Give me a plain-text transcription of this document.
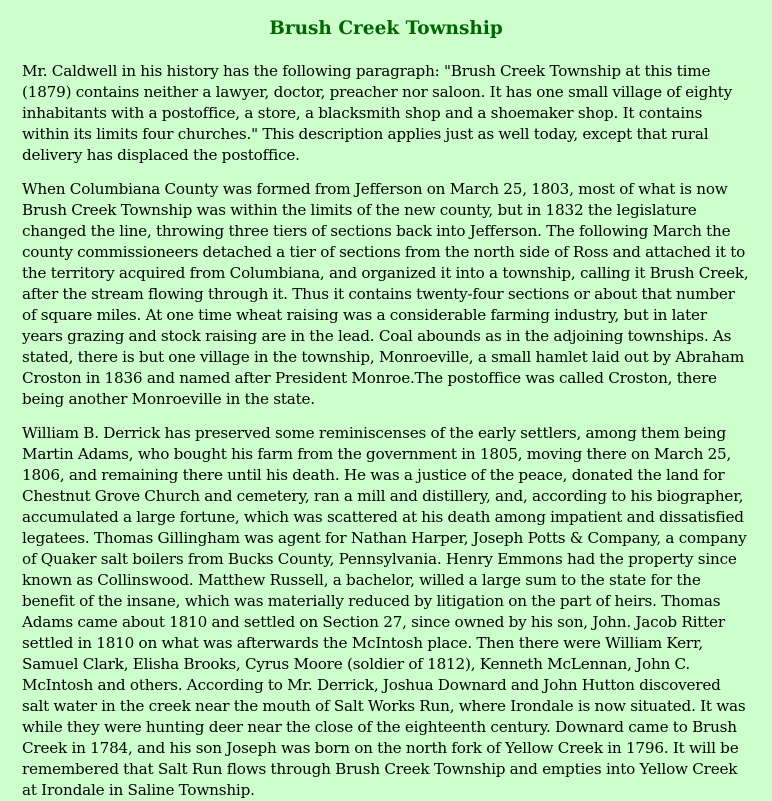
Brush Creek Township

Mr. Caldwell in his history has the following paragraph: "Brush Creek Township at this time (1879) contains neither a lawyer, doctor, preacher nor saloon. It has one small village of eighty inhabitants with a postoffice, a store, a blacksmith shop and a shoemaker shop. It contains within its limits four churches." This description applies just as well today, except that rural delivery has displaced the postoffice.

When Columbiana County was formed from Jefferson on March 25, 1803, most of what is now Brush Creek Township was within the limits of the new county, but in 1832 the legislature changed the line, throwing three tiers of sections back into Jefferson. The following March the county commissioneers detached a tier of sections from the north side of Ross and attached it to the territory acquired from Columbiana, and organized it into a township, calling it Brush Creek, after the stream flowing through it. Thus it contains twenty-four sections or about that number of square miles. At one time wheat raising was a considerable farming industry, but in later years grazing and stock raising are in the lead. Coal abounds as in the adjoining townships. As stated, there is but one village in the township, Monroeville, a small hamlet laid out by Abraham Croston in 1836 and named after President Monroe.The postoffice was called Croston, there being another Monroeville in the state.

William B. Derrick has preserved some reminiscenses of the early settlers, among them being Martin Adams, who bought his farm from the government in 1805, moving there on March 25, 1806, and remaining there until his death. He was a justice of the peace, donated the land for Chestnut Grove Church and cemetery, ran a mill and distillery, and, according to his biographer, accumulated a large fortune, which was scattered at his death among impatient and dissatisfied legatees. Thomas Gillingham was agent for Nathan Harper, Joseph Potts & Company, a company of Quaker salt boilers from Bucks County, Pennsylvania. Henry Emmons had the property since known as Collinswood. Matthew Russell, a bachelor, willed a large sum to the state for the benefit of the insane, which was materially reduced by litigation on the part of heirs. Thomas Adams came about 1810 and settled on Section 27, since owned by his son, John. Jacob Ritter settled in 1810 on what was afterwards the McIntosh place. Then there were William Kerr, Samuel Clark, Elisha Brooks, Cyrus Moore (soldier of 1812), Kenneth McLennan, John C. McIntosh and others. According to Mr. Derrick, Joshua Downard and John Hutton discovered salt water in the creek near the mouth of Salt Works Run, where Irondale is now situated. It was while they were hunting deer near the close of the eighteenth century. Downard came to Brush Creek in 1784, and his son Joseph was born on the north fork of Yellow Creek in 1796. It will be remembered that Salt Run flows through Brush Creek Township and empties into Yellow Creek at Irondale in Saline Township.
